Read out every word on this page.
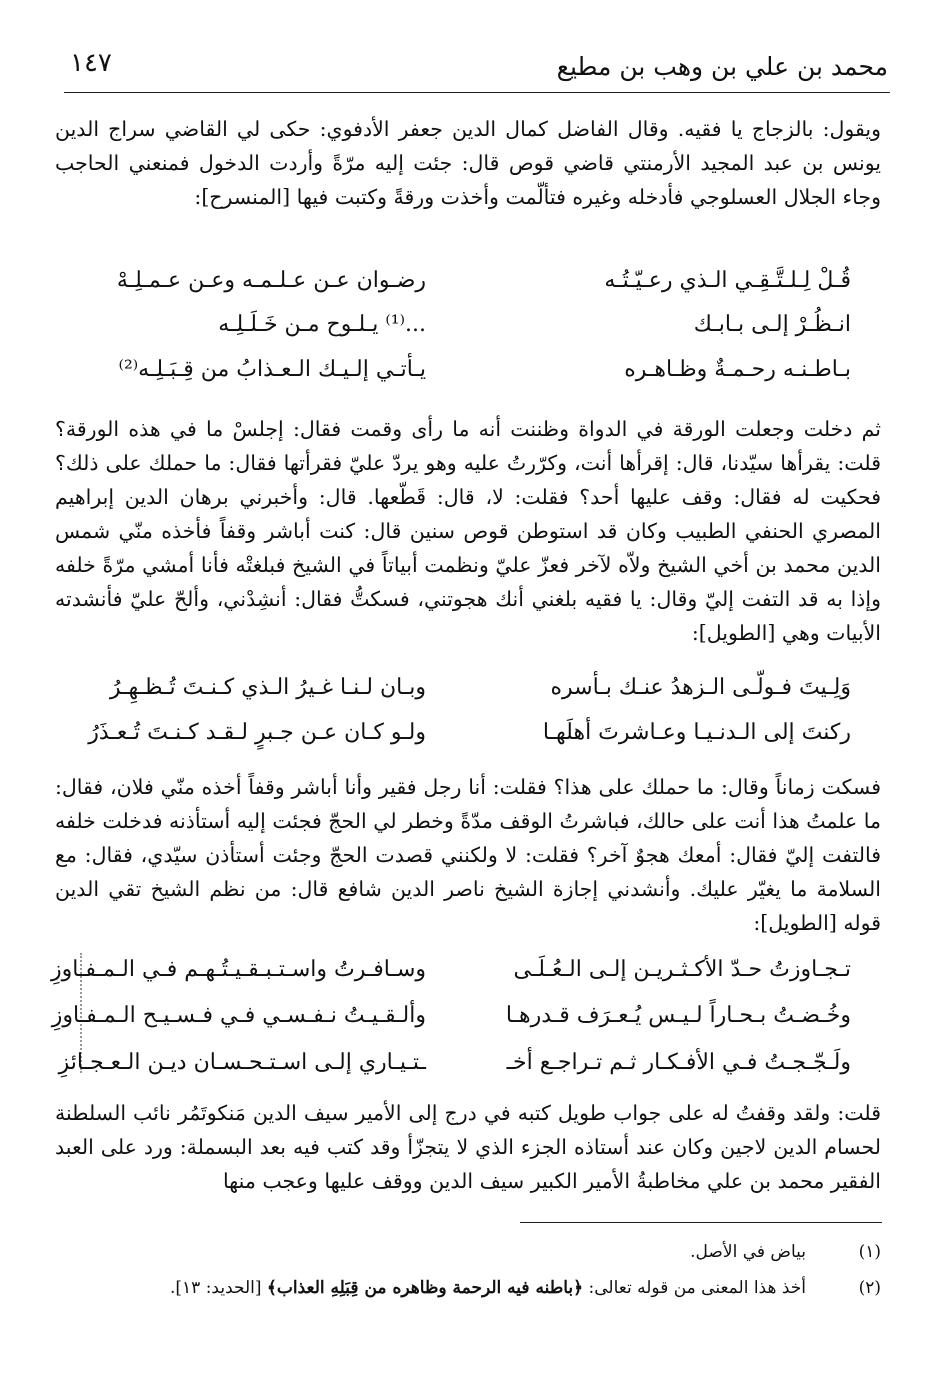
محمد بن علي بن وهب بن مطيع
١٤٧

ويقول: بالزجاج يا فقيه. وقال الفاضل كمال الدين جعفر الأدفوي: حكى لي القاضي سراج الدين يونس بن عبد المجيد الأرمنتي قاضي قوص قال: جئت إليه مرّةً وأردت الدخول فمنعني الحاجب وجاء الجلال العسلوجي فأدخله وغيره فتألّمت وأخذت ورقةً وكتبت فيها [المنسرح]:

قُـلْ لِـلـتَّـقِـي الـذي رعـيّـتُـه
رضـوان عـن عـلـمـه وعـن عـمـلِـهْ
انـظُـرْ إلـى بـابـك
...⁽¹⁾ يـلـوح مـن خَـلَـلِـه
بـاطـنـه رحـمـةٌ وظـاهـره
يـأتـي إلـيـك الـعـذابُ من قِـبَـلِـه⁽²⁾

ثم دخلت وجعلت الورقة في الدواة وظننت أنه ما رأى وقمت فقال: إجلسْ ما في هذه الورقة؟ قلت: يقرأها سيّدنا، قال: إقرأها أنت، وكرّرتُ عليه وهو يردّ عليّ فقرأتها فقال: ما حملك على ذلك؟ فحكيت له فقال: وقف عليها أحد؟ فقلت: لا، قال: قَطّعها. قال: وأخبرني برهان الدين إبراهيم المصري الحنفي الطبيب وكان قد استوطن قوص سنين قال: كنت أباشر وقفاً فأخذه منّي شمس الدين محمد بن أخي الشيخ ولاّه لآخر فعزّ عليّ ونظمت أبياتاً في الشيخ فبلغتْه فأنا أمشي مرّةً خلفه وإذا به قد التفت إليّ وقال: يا فقيه بلغني أنك هجوتني، فسكتُّ فقال: أنشِدْني، وألحّ عليّ فأنشدته الأبيات وهي [الطويل]:

وَلِـيتَ فـولّـى الـزهدُ عنـك بـأسره
وبـان لـنـا غـيرُ الـذي كـنـتَ تُـظـهِـرُ
ركنتَ إلى الـدنـيـا وعـاشرتَ أهلَهـا
ولـو كـان عـن جـبرٍ لـقـد كـنـتَ تُـعـذَرُ

فسكت زماناً وقال: ما حملك على هذا؟ فقلت: أنا رجل فقير وأنا أباشر وقفاً أخذه منّي فلان، فقال: ما علمتُ هذا أنت على حالك، فباشرتُ الوقف مدّةً وخطر لي الحجّ فجئت إليه أستأذنه فدخلت خلفه فالتفت إليّ فقال: أمعك هجوٌ آخر؟ فقلت: لا ولكنني قصدت الحجّ وجئت أستأذن سيّدي، فقال: مع السلامة ما يغيّر عليك. وأنشدني إجازة الشيخ ناصر الدين شافع قال: من نظم الشيخ تقي الدين قوله [الطويل]:

تـجـاوزتُ حـدّ الأكـثـريـن إلـى الـعُـلَـى
وسـافـرتُ واسـتـبـقـيـتُـهـم فـي الـمـفـاوزِ
وخُـضـتُ بـحـاراً لـيـس يُـعـرَف قـدرهـا
وألـقـيـتُ نـفـسـي فـي فـسـيـح الـمـفـاوزِ
ولَـجّـجـتُ فـي الأفـكـار ثـم تـراجـع أخـ
ـتـيـاري إلـى اسـتـحـسـان ديـن الـعـجـائزِ

قلت: ولقد وقفتُ له على جواب طويل كتبه في درج إلى الأمير سيف الدين مَنكوتَمُر نائب السلطنة لحسام الدين لاجين وكان عند أستاذه الجزء الذي لا يتجزّأ وقد كتب فيه بعد البسملة: ورد على العبد الفقير محمد بن علي مخاطبةُ الأمير الكبير سيف الدين ووقف عليها وعجب منها

(١)
بياض في الأصل.
(٢)
أخذ هذا المعنى من قوله تعالى: ﴿باطنه فيه الرحمة وظاهره من قِبَلِهِ العذاب﴾ [الحديد: ١٣].
